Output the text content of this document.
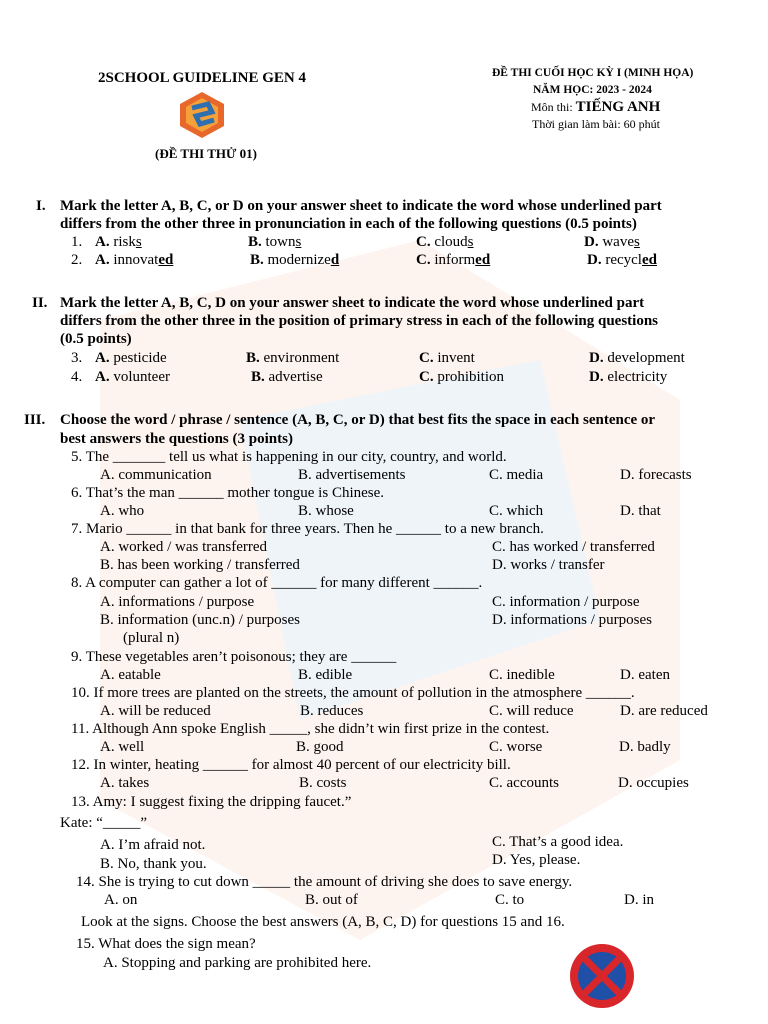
2SCHOOL GUIDELINE GEN 4
(ĐỀ THI THỬ 01)
ĐỀ THI CUỐI HỌC KỲ I (MINH HỌA)
NĂM HỌC: 2023 - 2024
Môn thi: TIẾNG ANH
Thời gian làm bài: 60 phút
I. Mark the letter A, B, C, or D on your answer sheet to indicate the word whose underlined part
differs from the other three in pronunciation in each of the following questions (0.5 points)
1. A. risks	B. towns	C. clouds	D. waves
2. A. innovated	B. modernized	C. informed	D. recycled
II. Mark the letter A, B, C, D on your answer sheet to indicate the word whose underlined part
differs from the other three in the position of primary stress in each of the following questions
(0.5 points)
3. A. pesticide	B. environment	C. invent	D. development
4. A. volunteer	B. advertise	C. prohibition	D. electricity
III. Choose the word / phrase / sentence (A, B, C, or D) that best fits the space in each sentence or
best answers the questions (3 points)
5. The _______ tell us what is happening in our city, country, and world.
A. communication	B. advertisements	C. media	D. forecasts
6. That’s the man ______ mother tongue is Chinese.
A. who	B. whose	C. which	D. that
7. Mario ______ in that bank for three years. Then he ______ to a new branch.
A. worked / was transferred
B. has been working / transferred
C. has worked / transferred
D. works / transfer
8. A computer can gather a lot of ______ for many different ______.
A. informations / purpose
B. information (unc.n) / purposes
(plural n)
C. information / purpose
D. informations / purposes
9. These vegetables aren’t poisonous; they are ______
A. eatable	B. edible	C. inedible	D. eaten
10. If more trees are planted on the streets, the amount of pollution in the atmosphere ______.
A. will be reduced	B. reduces	C. will reduce	D. are reduced
11. Although Ann spoke English _____, she didn’t win first prize in the contest.
A. well	B. good	C. worse	D. badly
12. In winter, heating ______ for almost 40 percent of our electricity bill.
A. takes	B. costs	C. accounts	D. occupies
13. Amy: I suggest fixing the dripping faucet.”
Kate: “_____”
A. I’m afraid not.
B. No, thank you.
C. That’s a good idea.
D. Yes, please.
14. She is trying to cut down _____ the amount of driving she does to save energy.
A. on	B. out of	C. to	D. in
Look at the signs. Choose the best answers (A, B, C, D) for questions 15 and 16.
15. What does the sign mean?
A. Stopping and parking are prohibited here.
